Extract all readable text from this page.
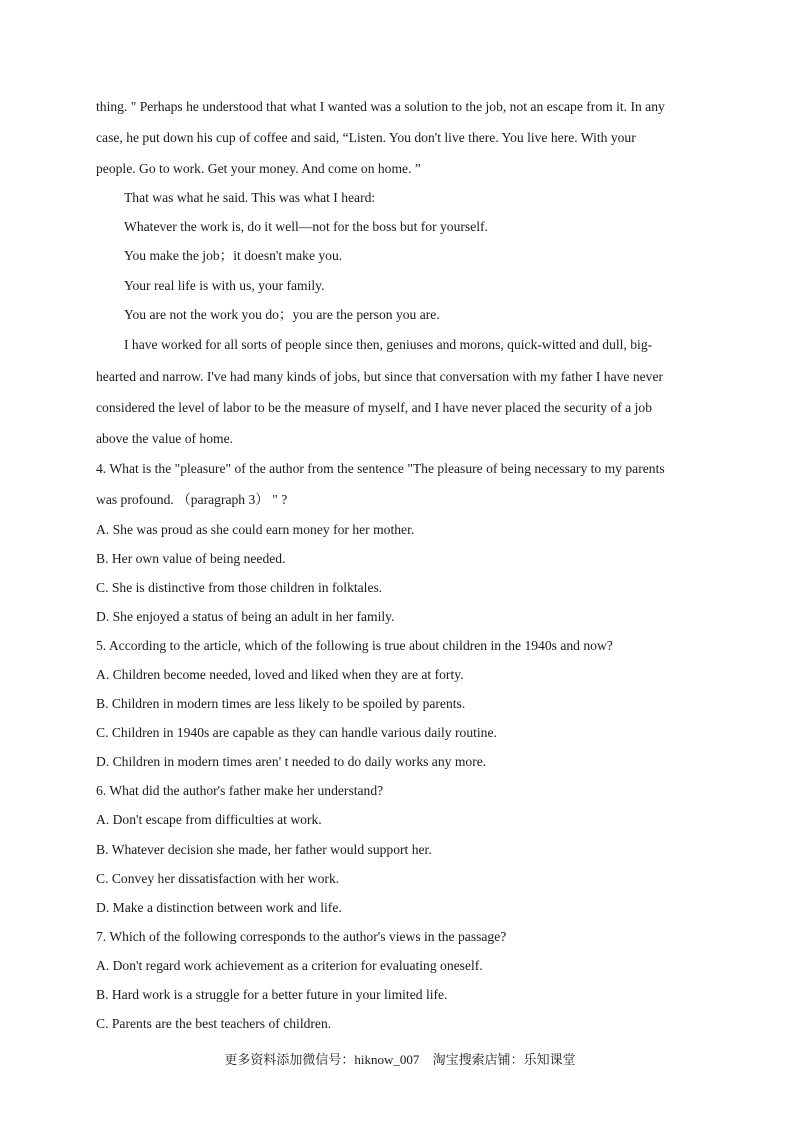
thing. " Perhaps he understood that what I wanted was a solution to the job, not an escape from it. In any
case, he put down his cup of coffee and said, “Listen. You don't live there. You live here. With your
people. Go to work. Get your money. And come on home. ”
That was what he said. This was what I heard:
Whatever the work is, do it well—not for the boss but for yourself.
You make the job；it doesn't make you.
Your real life is with us, your family.
You are not the work you do；you are the person you are.
I have worked for all sorts of people since then, geniuses and morons, quick-witted and dull, big-
hearted and narrow. I've had many kinds of jobs, but since that conversation with my father I have never
considered the level of labor to be the measure of myself, and I have never placed the security of a job
above the value of home.
4. What is the "pleasure" of the author from the sentence "The pleasure of being necessary to my parents
was profound. （paragraph 3） " ?
A. She was proud as she could earn money for her mother.
B. Her own value of being needed.
C. She is distinctive from those children in folktales.
D. She enjoyed a status of being an adult in her family.
5. According to the article, which of the following is true about children in the 1940s and now?
A. Children become needed, loved and liked when they are at forty.
B. Children in modern times are less likely to be spoiled by parents.
C. Children in 1940s are capable as they can handle various daily routine.
D. Children in modern times aren' t needed to do daily works any more.
6. What did the author's father make her understand?
A. Don't escape from difficulties at work.
B. Whatever decision she made, her father would support her.
C. Convey her dissatisfaction with her work.
D. Make a distinction between work and life.
7. Which of the following corresponds to the author's views in the passage?
A. Don't regard work achievement as a criterion for evaluating oneself.
B. Hard work is a struggle for a better future in your limited life.
C. Parents are the best teachers of children.
更多资料添加微信号：hiknow_007 淘宝搜索店铺：乐知课堂
